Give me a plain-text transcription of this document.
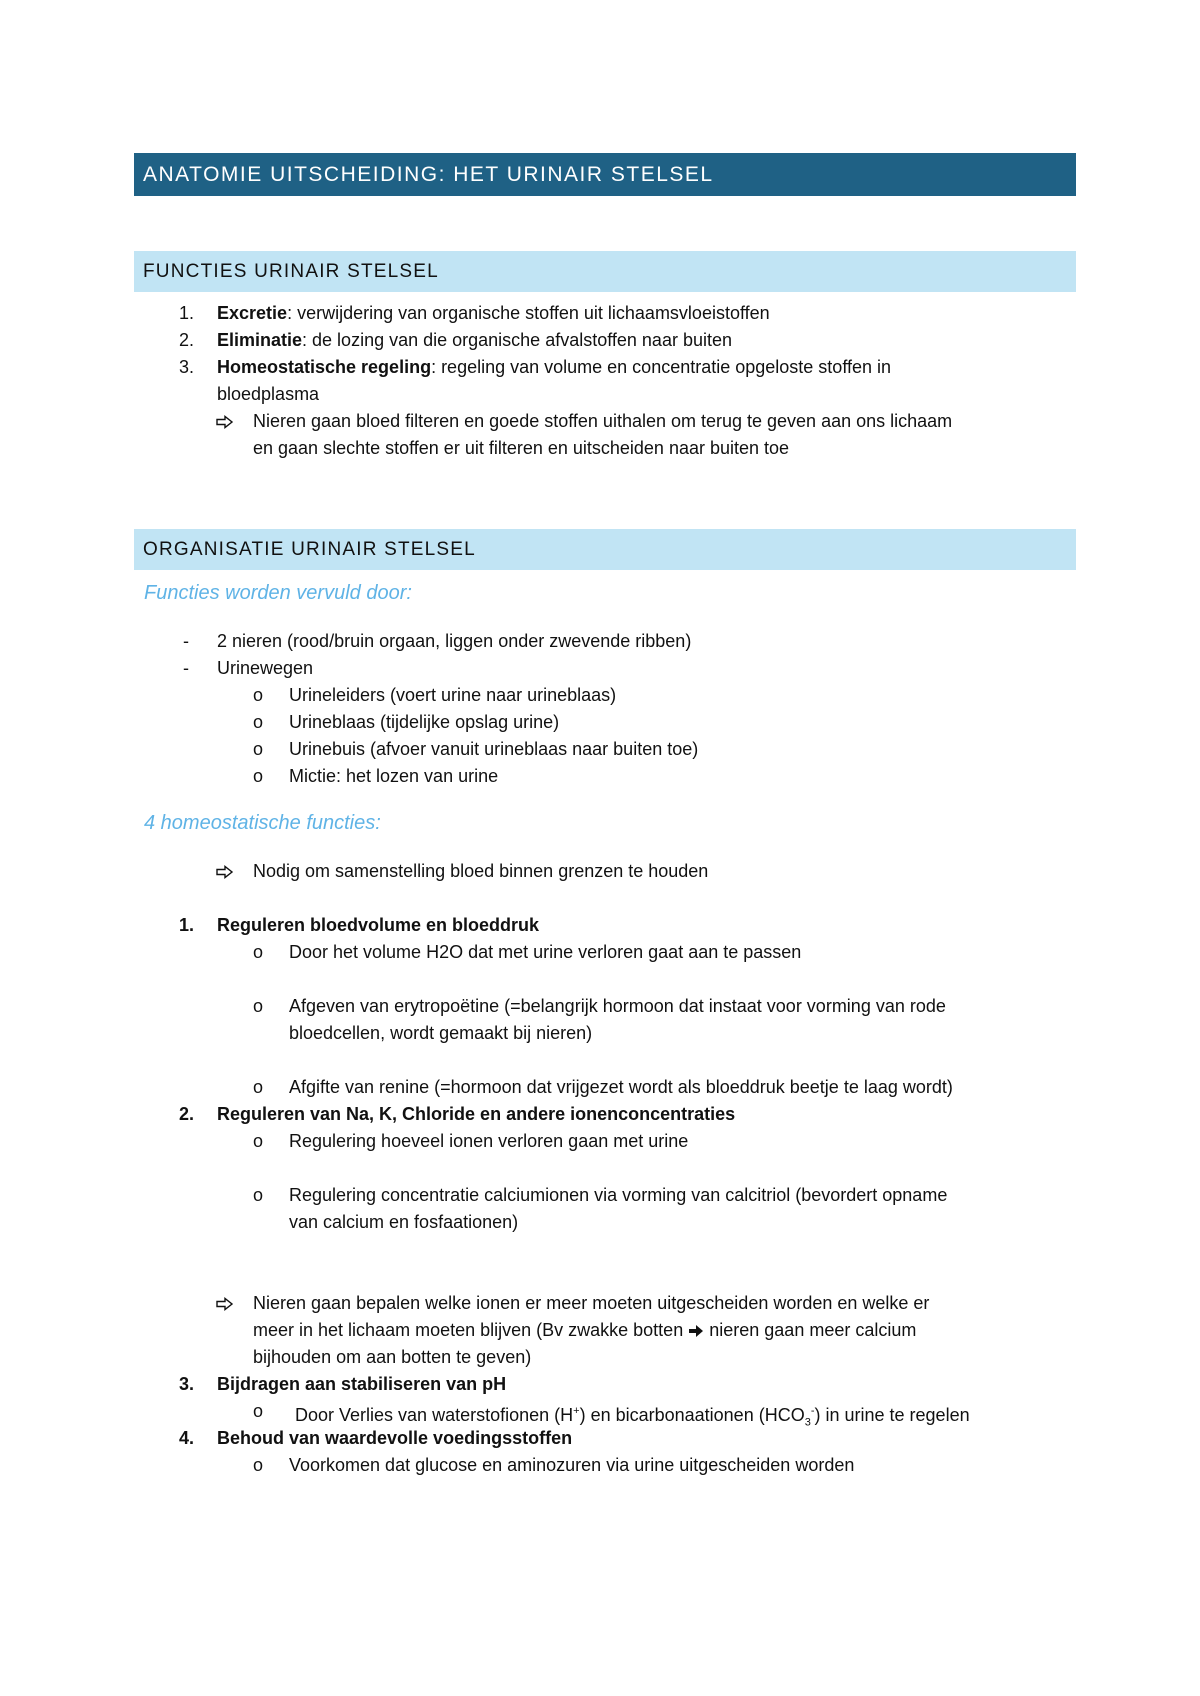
ANATOMIE UITSCHEIDING: HET URINAIR STELSEL
FUNCTIES URINAIR STELSEL
1. Excretie: verwijdering van organische stoffen uit lichaamsvloeistoffen
2. Eliminatie: de lozing van die organische afvalstoffen naar buiten
3. Homeostatische regeling: regeling van volume en concentratie opgeloste stoffen in
bloedplasma
Nieren gaan bloed filteren en goede stoffen uithalen om terug te geven aan ons lichaam
en gaan slechte stoffen er uit filteren en uitscheiden naar buiten toe
ORGANISATIE URINAIR STELSEL
Functies worden vervuld door:
- 2 nieren (rood/bruin orgaan, liggen onder zwevende ribben)
- Urinewegen
o Urineleiders (voert urine naar urineblaas)
o Urineblaas (tijdelijke opslag urine)
o Urinebuis (afvoer vanuit urineblaas naar buiten toe)
o Mictie: het lozen van urine
4 homeostatische functies:
Nodig om samenstelling bloed binnen grenzen te houden
1. Reguleren bloedvolume en bloeddruk
o Door het volume H2O dat met urine verloren gaat aan te passen
o Afgeven van erytropoëtine (=belangrijk hormoon dat instaat voor vorming van rode
bloedcellen, wordt gemaakt bij nieren)
o Afgifte van renine (=hormoon dat vrijgezet wordt als bloeddruk beetje te laag wordt)
2. Reguleren van Na, K, Chloride en andere ionenconcentraties
o Regulering hoeveel ionen verloren gaan met urine
o Regulering concentratie calciumionen via vorming van calcitriol (bevordert opname
van calcium en fosfaationen)
Nieren gaan bepalen welke ionen er meer moeten uitgescheiden worden en welke er
meer in het lichaam moeten blijven (Bv zwakke botten nieren gaan meer calcium
bijhouden om aan botten te geven)
3. Bijdragen aan stabiliseren van pH
o Door Verlies van waterstofionen (H+) en bicarbonaationen $(HCO_3^-)$ in urine te regelen
4. Behoud van waardevolle voedingsstoffen
o Voorkomen dat glucose en aminozuren via urine uitgescheiden worden
